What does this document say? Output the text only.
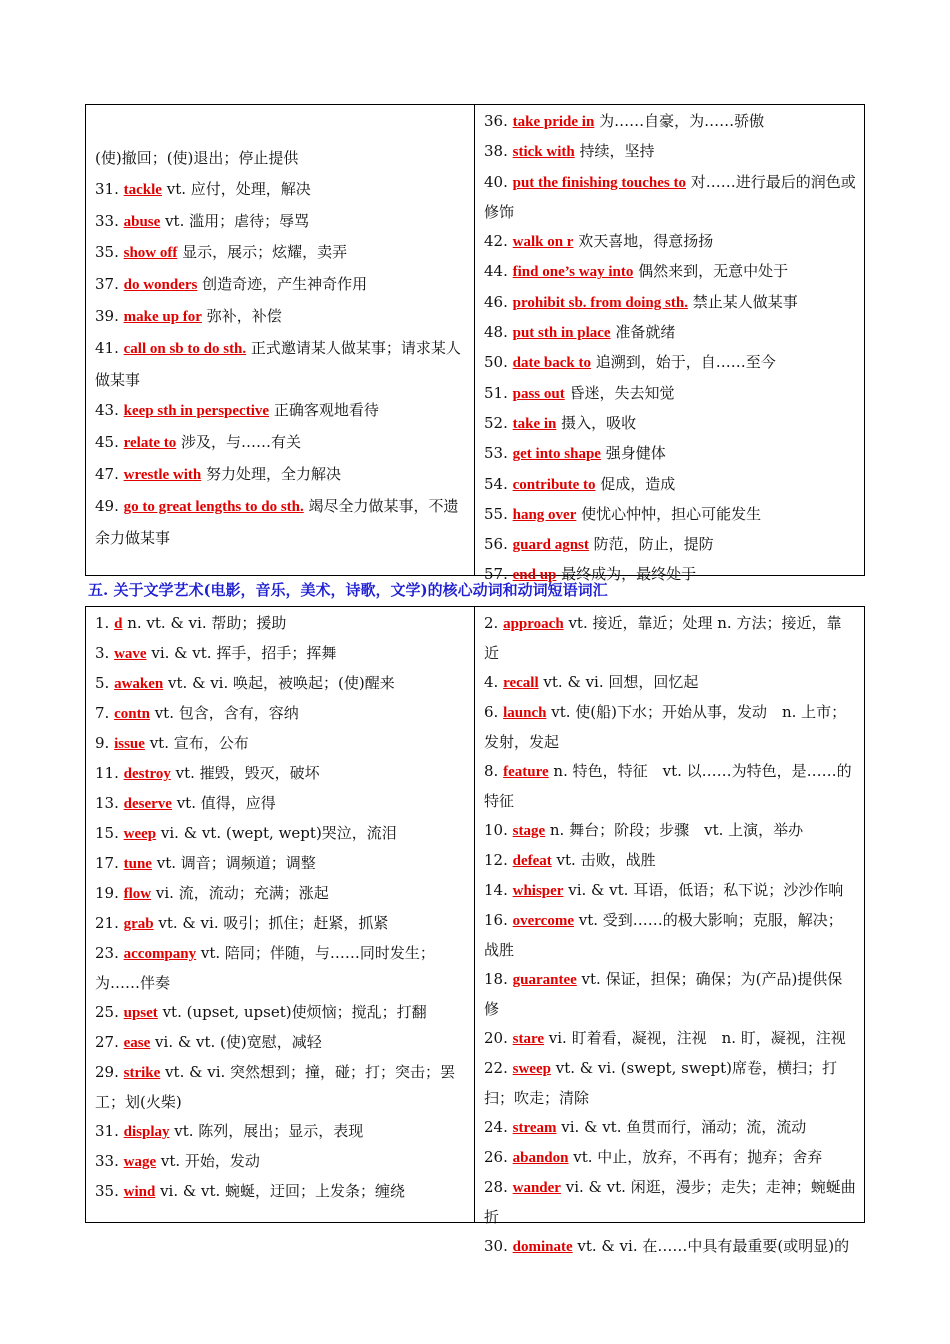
(使)撤回；(使)退出；停止提供

31. tackle vt. 应付，处理，解决

33. abuse vt. 滥用；虐待；辱骂

35. show off 显示，展示；炫耀，卖弄

37. do wonders 创造奇迹，产生神奇作用

39. make up for 弥补，补偿

41. call on sb to do sth. 正式邀请某人做某事；请求某人做某事

43. keep sth in perspective 正确客观地看待

45. relate to 涉及，与……有关

47. wrestle with 努力处理，全力解决

49. go to great lengths to do sth. 竭尽全力做某事，不遗余力做某事

36. take pride in 为……自豪，为……骄傲

38. stick with 持续，坚持

40. put the finishing touches to 对……进行最后的润色或修饰

42. walk on r 欢天喜地，得意扬扬

44. find one’s way into 偶然来到，无意中处于

46. prohibit sb. from doing sth. 禁止某人做某事

48. put sth in place 准备就绪

50. date back to 追溯到，始于，自……至今

51. pass out 昏迷，失去知觉

52. take in 摄入，吸收

53. get into shape 强身健体

54. contribute to 促成，造成

55. hang over 使忧心忡忡，担心可能发生

56. guard agnst 防范，防止，提防

57. end up 最终成为，最终处于

五. 关于文学艺术(电影，音乐，美术，诗歌，文学)的核心动词和动词短语词汇

1. d n. vt. & vi. 帮助；援助

3. wave vi. & vt. 挥手，招手；挥舞

5. awaken vt. & vi. 唤起，被唤起；(使)醒来

7. contn vt. 包含，含有，容纳

9. issue vt. 宣布，公布

11. destroy vt. 摧毁，毁灭，破坏

13. deserve vt. 值得，应得

15. weep vi. & vt. (wept, wept)哭泣，流泪

17. tune vt. 调音；调频道；调整

19. flow vi. 流，流动；充满；涨起

21. grab vt. & vi. 吸引；抓住；赶紧，抓紧

23. accompany vt. 陪同；伴随，与……同时发生；为……伴奏

25. upset vt. (upset, upset)使烦恼；搅乱；打翻

27. ease vi. & vt. (使)宽慰，减轻

29. strike vt. & vi. 突然想到；撞，碰；打；突击；罢工；划(火柴)

31. display vt. 陈列，展出；显示，表现

33. wage vt. 开始，发动

35. wind vi. & vt. 蜿蜒，迂回；上发条；缠绕

2. approach vt. 接近，靠近；处理 n. 方法；接近，靠近

4. recall vt. & vi. 回想，回忆起

6. launch vt. 使(船)下水；开始从事，发动　n. 上市；发射，发起

8. feature n. 特色，特征　vt. 以……为特色，是……的特征

10. stage n. 舞台；阶段；步骤　vt. 上演，举办

12. defeat vt. 击败，战胜

14. whisper vi. & vt. 耳语，低语；私下说；沙沙作响

16. overcome vt. 受到……的极大影响；克服，解决；战胜

18. guarantee vt. 保证，担保；确保；为(产品)提供保修

20. stare vi. 盯着看，凝视，注视　n. 盯，凝视，注视

22. sweep vt. & vi. (swept, swept)席卷，横扫；打扫；吹走；清除

24. stream vi. & vt. 鱼贯而行，涌动；流，流动

26. abandon vt. 中止，放弃，不再有；抛弃；舍弃

28. wander vi. & vt. 闲逛，漫步；走失；走神；蜿蜒曲折

30. dominate vt. & vi. 在……中具有最重要(或明显)的
